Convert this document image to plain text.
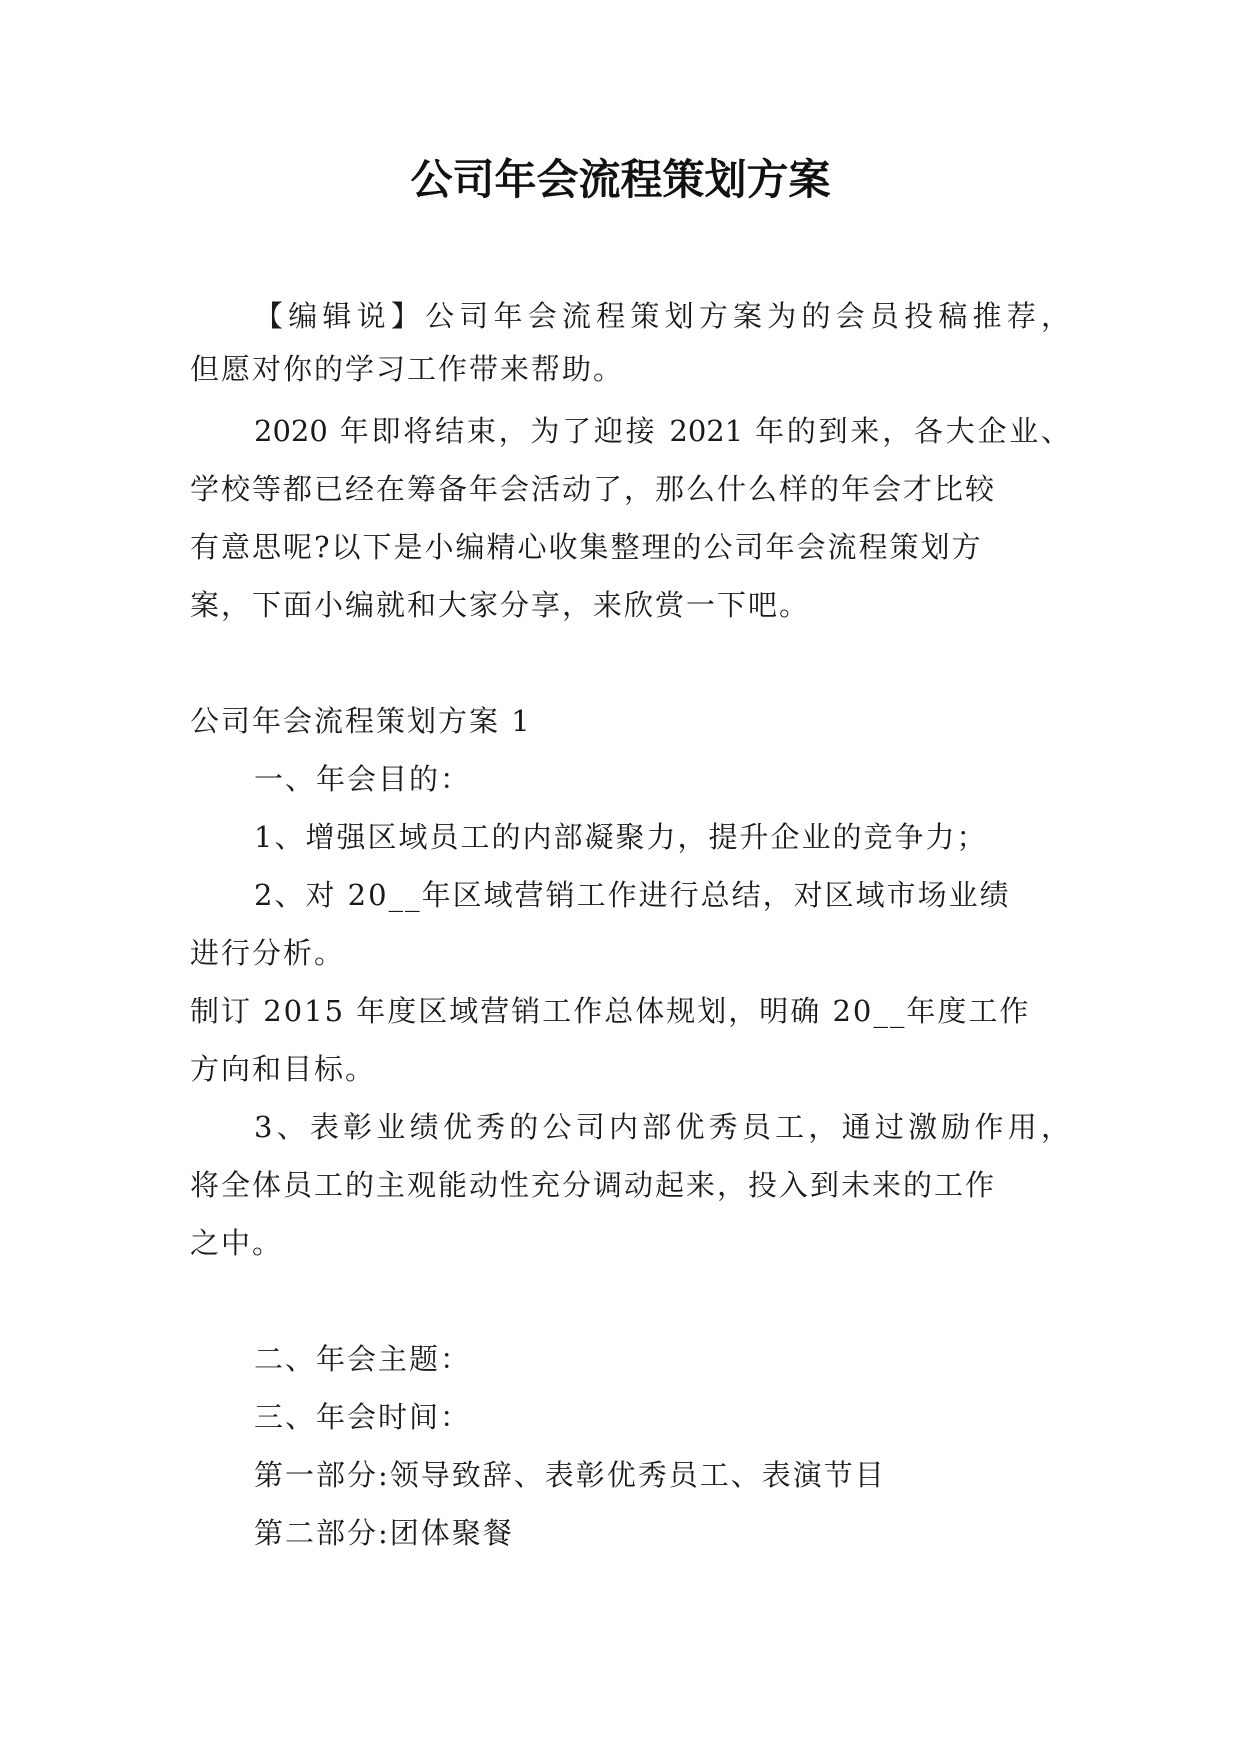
公司年会流程策划方案
【编辑说】公司年会流程策划方案为的会员投稿推荐，
但愿对你的学习工作带来帮助。
2020 年即将结束，为了迎接 2021 年的到来，各大企业、
学校等都已经在筹备年会活动了，那么什么样的年会才比较
有意思呢?以下是小编精心收集整理的公司年会流程策划方
案，下面小编就和大家分享，来欣赏一下吧。
公司年会流程策划方案 1
一、年会目的：
1、增强区域员工的内部凝聚力，提升企业的竞争力；
2、对 20__年区域营销工作进行总结，对区域市场业绩
进行分析。
制订 2015 年度区域营销工作总体规划，明确 20__年度工作
方向和目标。
3、表彰业绩优秀的公司内部优秀员工，通过激励作用，
将全体员工的主观能动性充分调动起来，投入到未来的工作
之中。
二、年会主题：
三、年会时间：
第一部分:领导致辞、表彰优秀员工、表演节目
第二部分:团体聚餐
